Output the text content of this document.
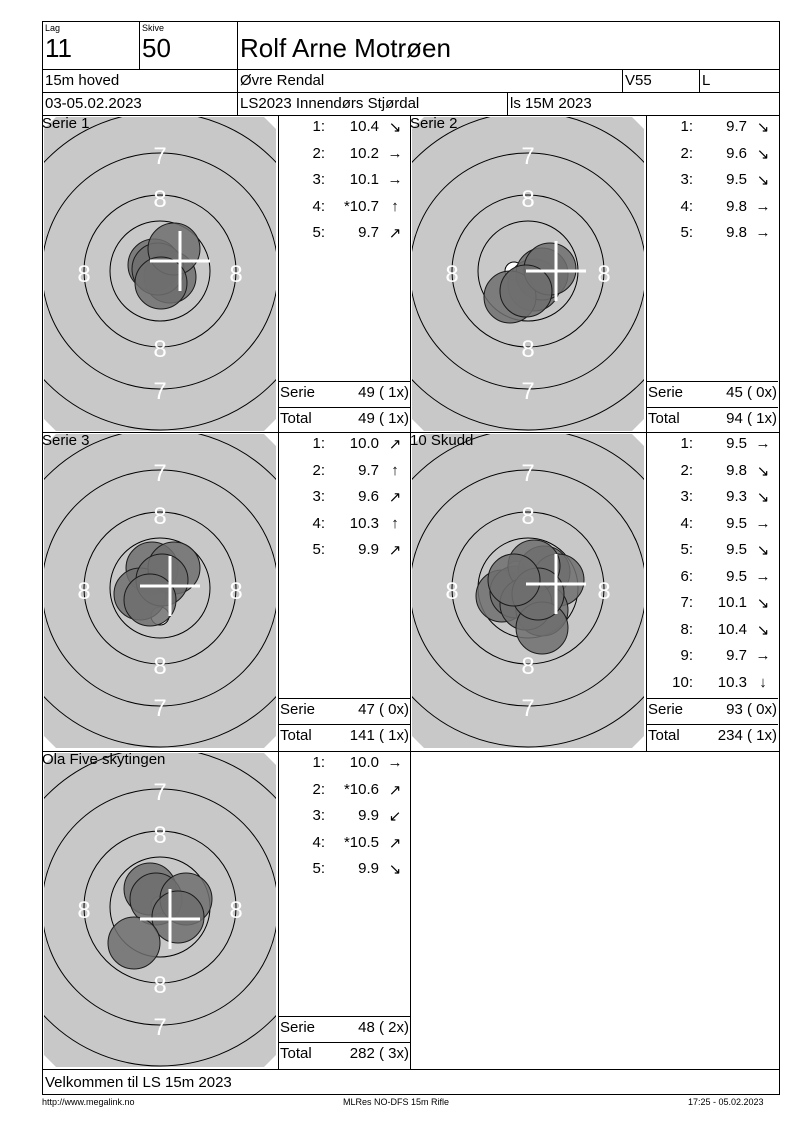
Lag
11
Skive
50	Rolf Arne Motrøen
15m hoved	Øvre Rendal	V55	L
03-05.02.2023	LS2023 Innendørs Stjørdal	ls 15M 2023
7
8
8
7
8	8
Serie 1	1:	10.4 ↘
2:	10.2 →
3:	10.1 →
4:	*10.7 ↑
5:	9.7 ↗
Serie	49 ( 1x)
Total	49 ( 1x)
7
8
8
7
8	8
Serie 2	1:	9.7 ↘
2:	9.6 ↘
3:	9.5 ↘
4:	9.8 →
5:	9.8 →
Serie	45 ( 0x)
Total	94 ( 1x)
7
8
8
7
8	8
Serie 3	1:	10.0 ↗
2:	9.7 ↑
3:	9.6 ↗
4:	10.3 ↑
5:	9.9 ↗
Serie	47 ( 0x)
Total	141 ( 1x)
7
8
8
7
8	8
10 Skudd	1:	9.5 →
2:	9.8 ↘
3:	9.3 ↘
4:	9.5 →
5:	9.5 ↘
6:	9.5 →
7:	10.1 ↘
8:	10.4 ↘
9:	9.7 →
10:	10.3 ↓
Serie	93 ( 0x)
Total	234 ( 1x)
7
8
8
7
8	8
Ola Five skytingen	1:	10.0 →
2:	*10.6 ↗
3:	9.9 ↙
4:	*10.5 ↗
5:	9.9 ↘
Serie	48 ( 2x)
Total	282 ( 3x)
Velkommen til LS 15m 2023
http://www.megalink.no	MLRes NO-DFS 15m Rifle	17:25 - 05.02.2023
